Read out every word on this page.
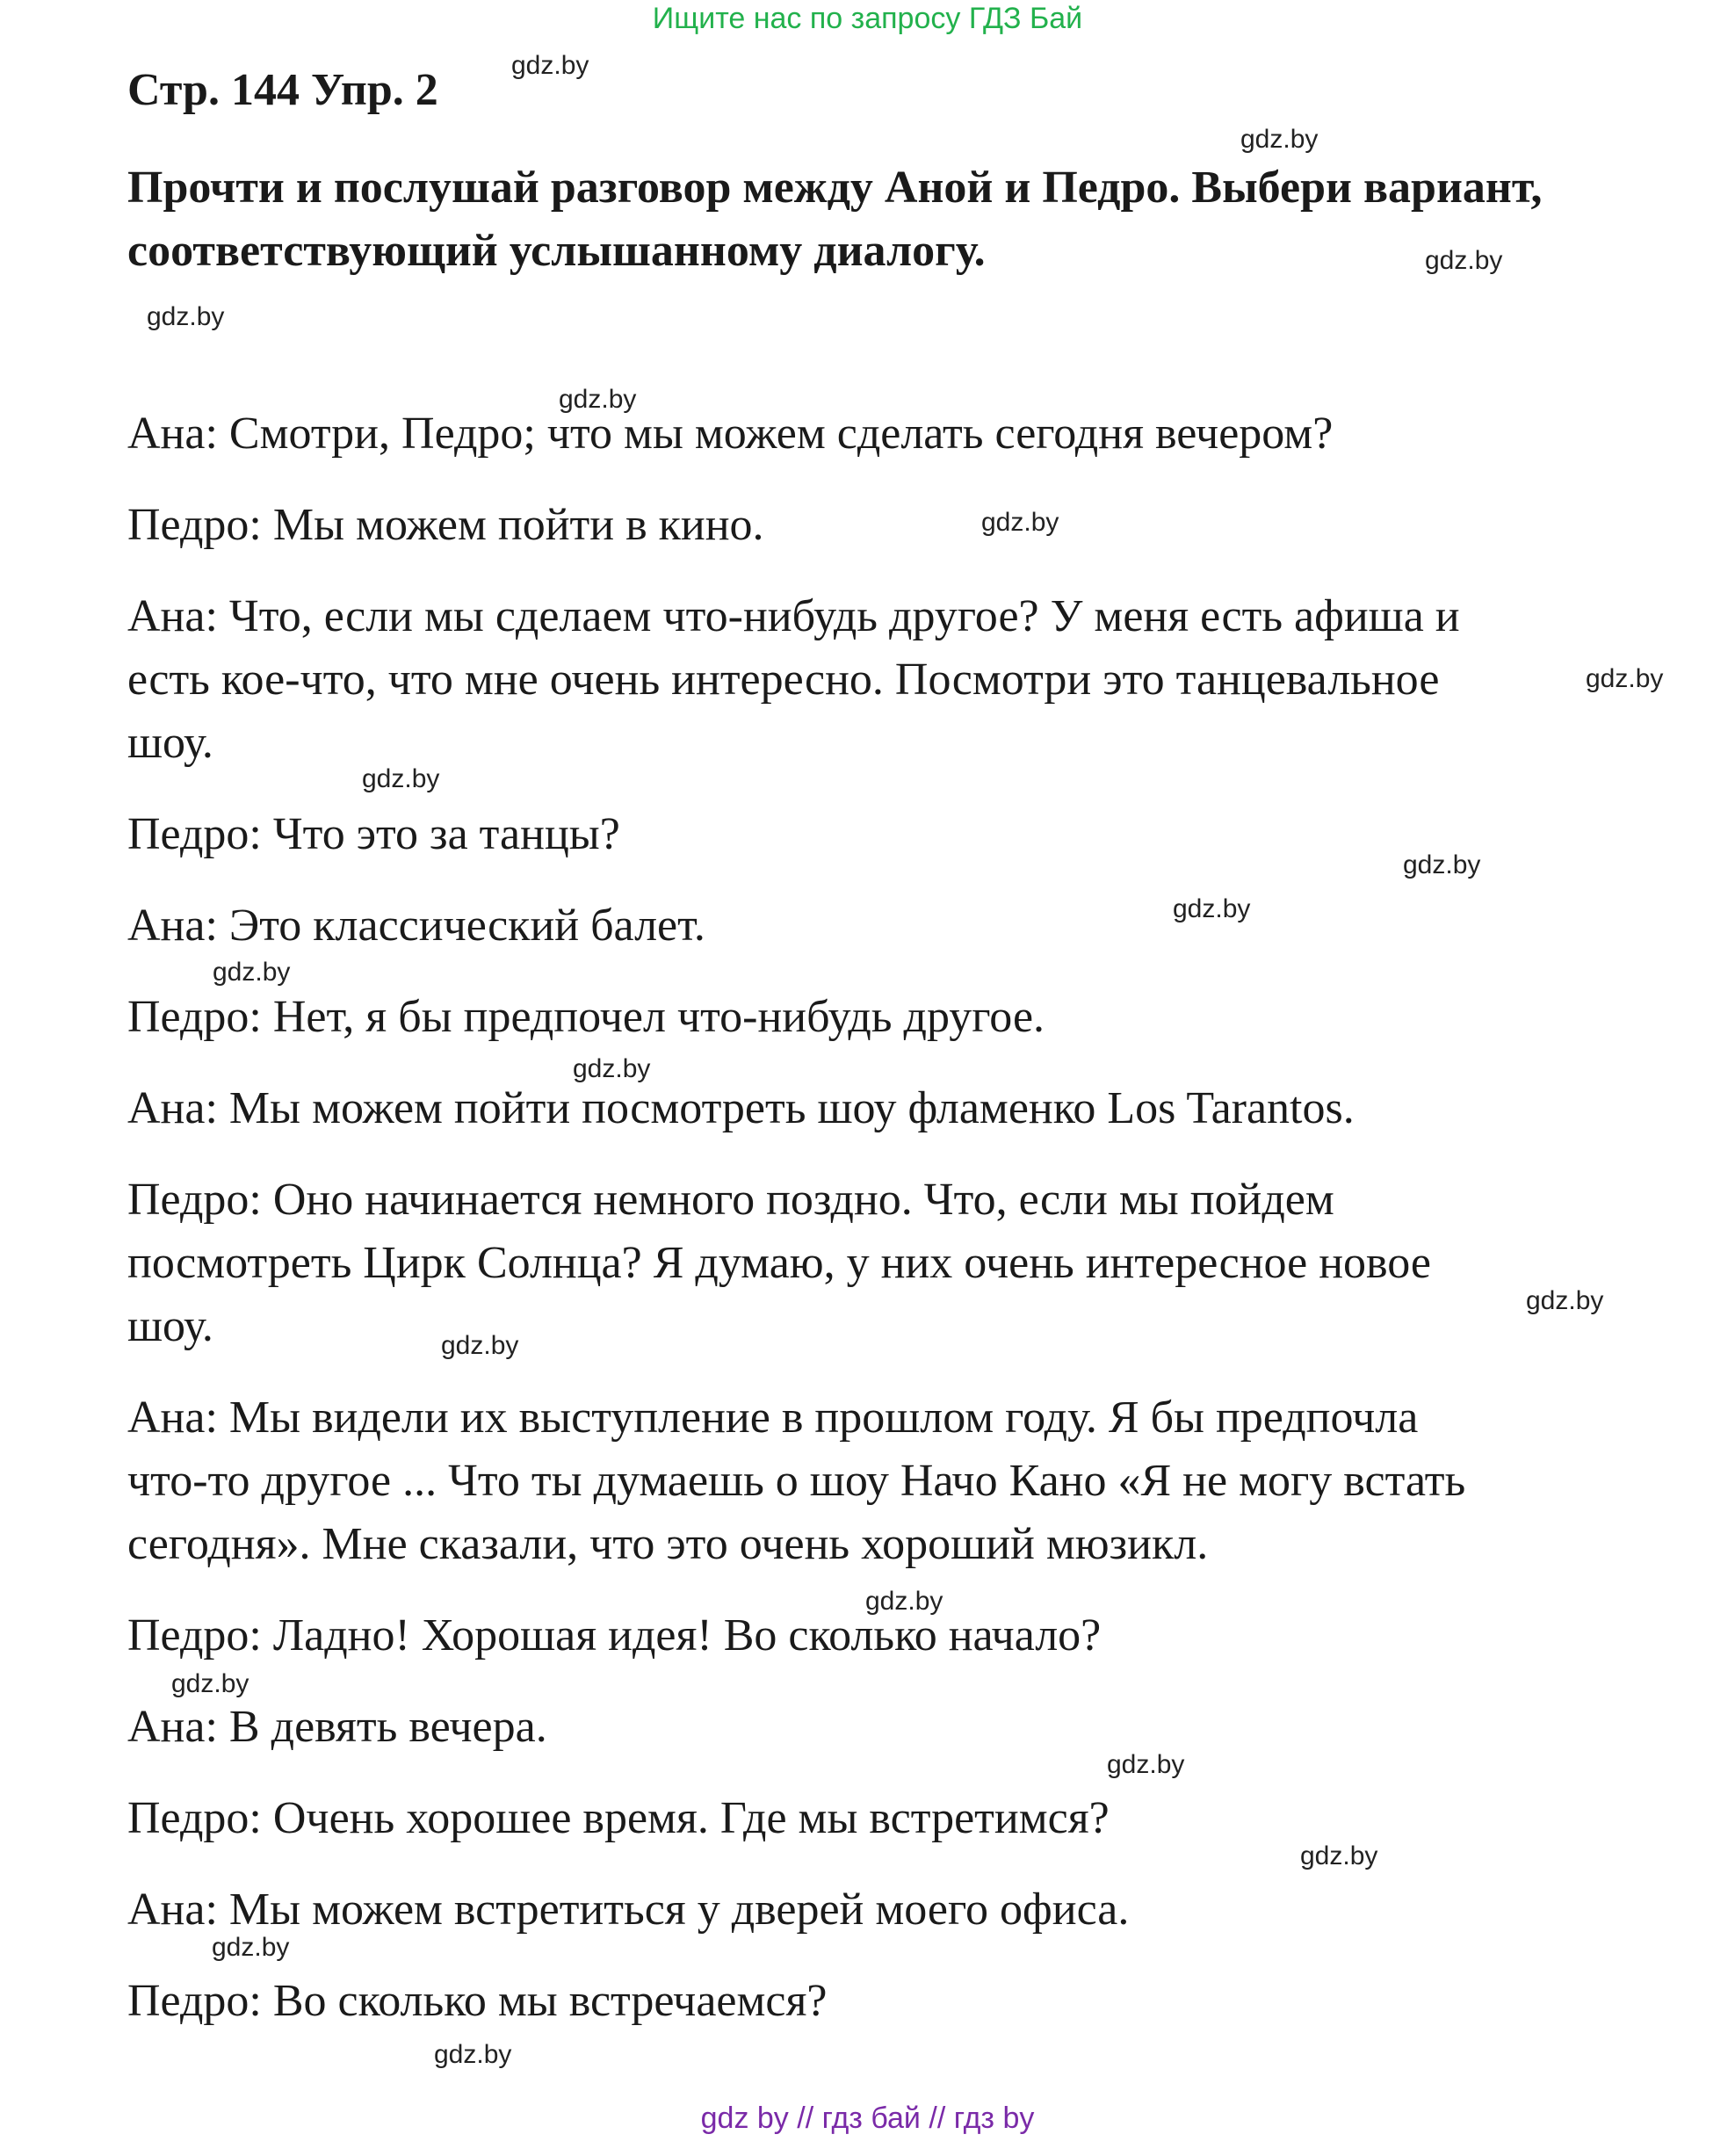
Ищите нас по запросу ГДЗ Бай
Стр. 144 Упр. 2

Прочти и послушай разговор между Аной и Педро. Выбери вариант, соответствующий услышанному диалогу.

Ана: Смотри, Педро; что мы можем сделать сегодня вечером?

Педро: Мы можем пойти в кино.

Ана: Что, если мы сделаем что-нибудь другое? У меня есть афиша и
есть кое-что, что мне очень интересно. Посмотри это танцевальное
шоу.

Педро: Что это за танцы?

Ана: Это классический балет.

Педро: Нет, я бы предпочел что-нибудь другое.

Ана: Мы можем пойти посмотреть шоу фламенко Los Tarantos.

Педро: Оно начинается немного поздно. Что, если мы пойдем
посмотреть Цирк Солнца? Я думаю, у них очень интересное новое
шоу.

Ана: Мы видели их выступление в прошлом году. Я бы предпочла
что-то другое ... Что ты думаешь о шоу Начо Кано «Я не могу встать
сегодня». Мне сказали, что это очень хороший мюзикл.

Педро: Ладно! Хорошая идея! Во сколько начало?

Ана: В девять вечера.

Педро: Очень хорошее время. Где мы встретимся?

Ана: Мы можем встретиться у дверей моего офиса.

Педро: Во сколько мы встречаемся?

gdz.by
gdz.by
gdz.by
gdz.by
gdz.by
gdz.by
gdz.by
gdz.by
gdz.by
gdz.by
gdz.by
gdz.by
gdz.by
gdz.by
gdz.by
gdz.by
gdz.by
gdz.by
gdz.by
gdz.by
gdz by // гдз бай // гдз by
